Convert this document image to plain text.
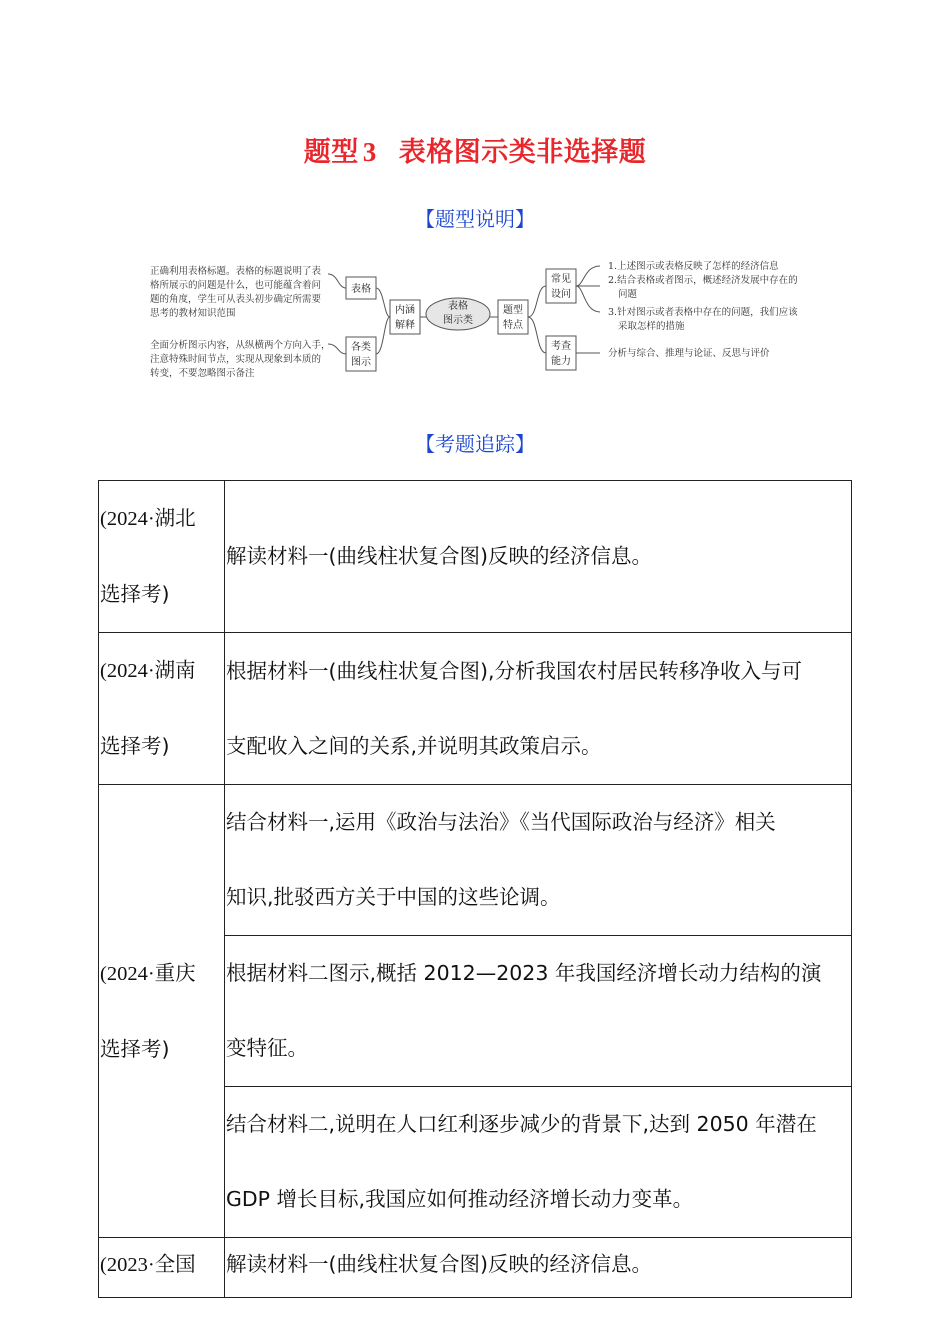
题型 3 表格图示类非选择题
【题型说明】
表格
图示类
内涵
解释
表格
各类
图示
题型
特点
常见
设问
考查
能力
正确利用表格标题。表格的标题说明了表
格所展示的问题是什么，也可能蕴含着问
题的角度，学生可从表头初步确定所需要
思考的教材知识范围
全面分析图示内容，从纵横两个方向入手，
注意特殊时间节点，实现从现象到本质的
转变，不要忽略图示备注
1.上述图示或表格反映了怎样的经济信息
2.结合表格或者图示，概述经济发展中存在的
问题
3.针对图示或者表格中存在的问题，我们应该
采取怎样的措施
分析与综合、推理与论证、反思与评价
【考题追踪】
(2024·湖北
选择考)	解读材料一(曲线柱状复合图)反映的经济信息。
(2024·湖南
选择考)	根据材料一(曲线柱状复合图),分析我国农村居民转移净收入与可
支配收入之间的关系,并说明其政策启示。
(2024·重庆
选择考)	结合材料一,运用《政治与法治》《当代国际政治与经济》相关
知识,批驳西方关于中国的这些论调。
	根据材料二图示,概括 2012—2023 年我国经济增长动力结构的演
变特征。
	结合材料二,说明在人口红利逐步减少的背景下,达到 2050 年潜在
GDP 增长目标,我国应如何推动经济增长动力变革。
(2023·全国	解读材料一(曲线柱状复合图)反映的经济信息。
